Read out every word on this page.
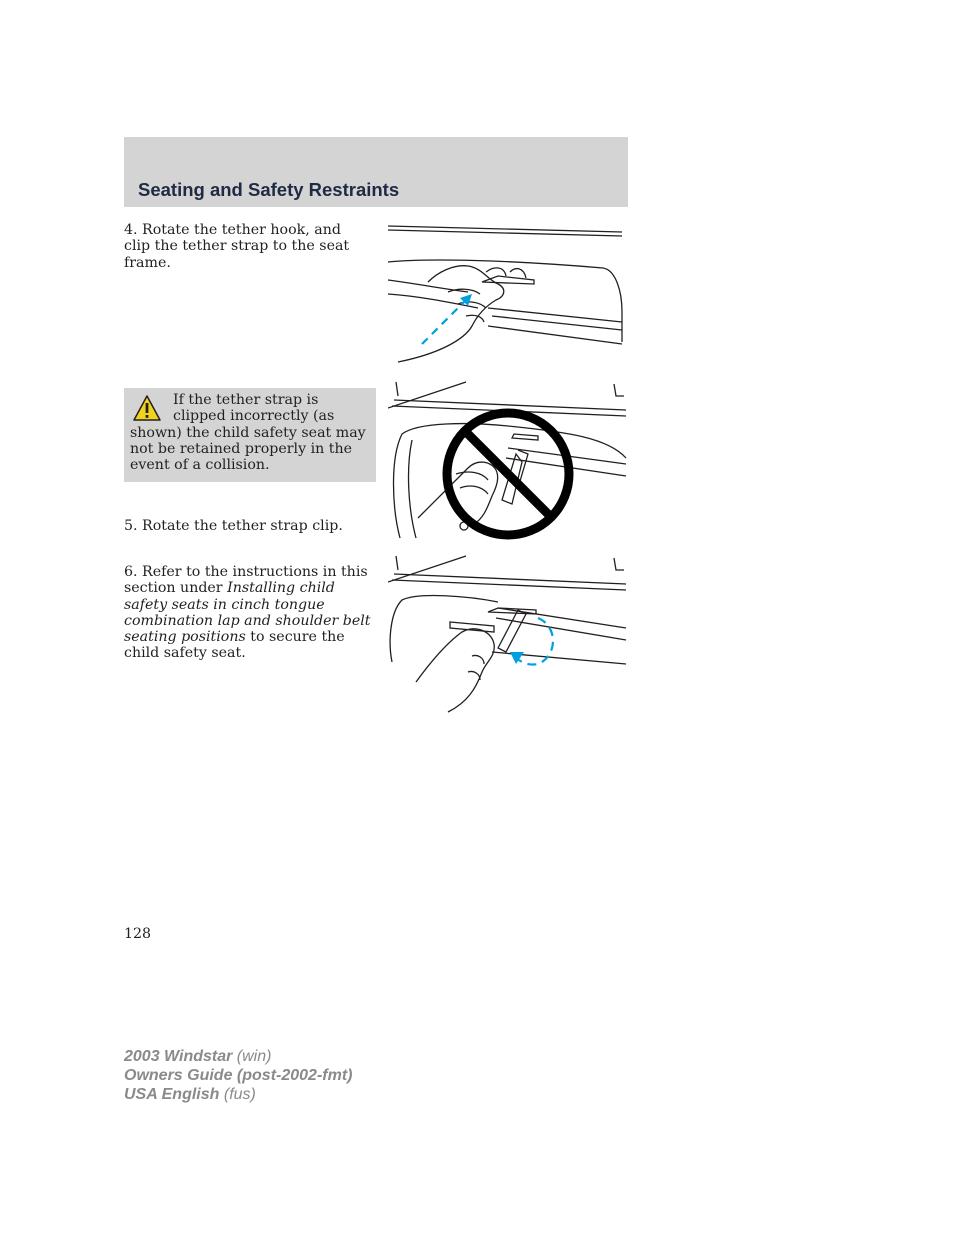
Seating and Safety Restraints

4. Rotate the tether hook, and clip the tether strap to the seat frame.

If the tether strap is clipped incorrectly (as shown) the child safety seat may not be retained properly in the event of a collision.

5. Rotate the tether strap clip.

6. Refer to the instructions in this section under Installing child safety seats in cinch tongue combination lap and shoulder belt seating positions to secure the child safety seat.

128
2003 Windstar (win)
Owners Guide (post-2002-fmt)
USA English (fus)
